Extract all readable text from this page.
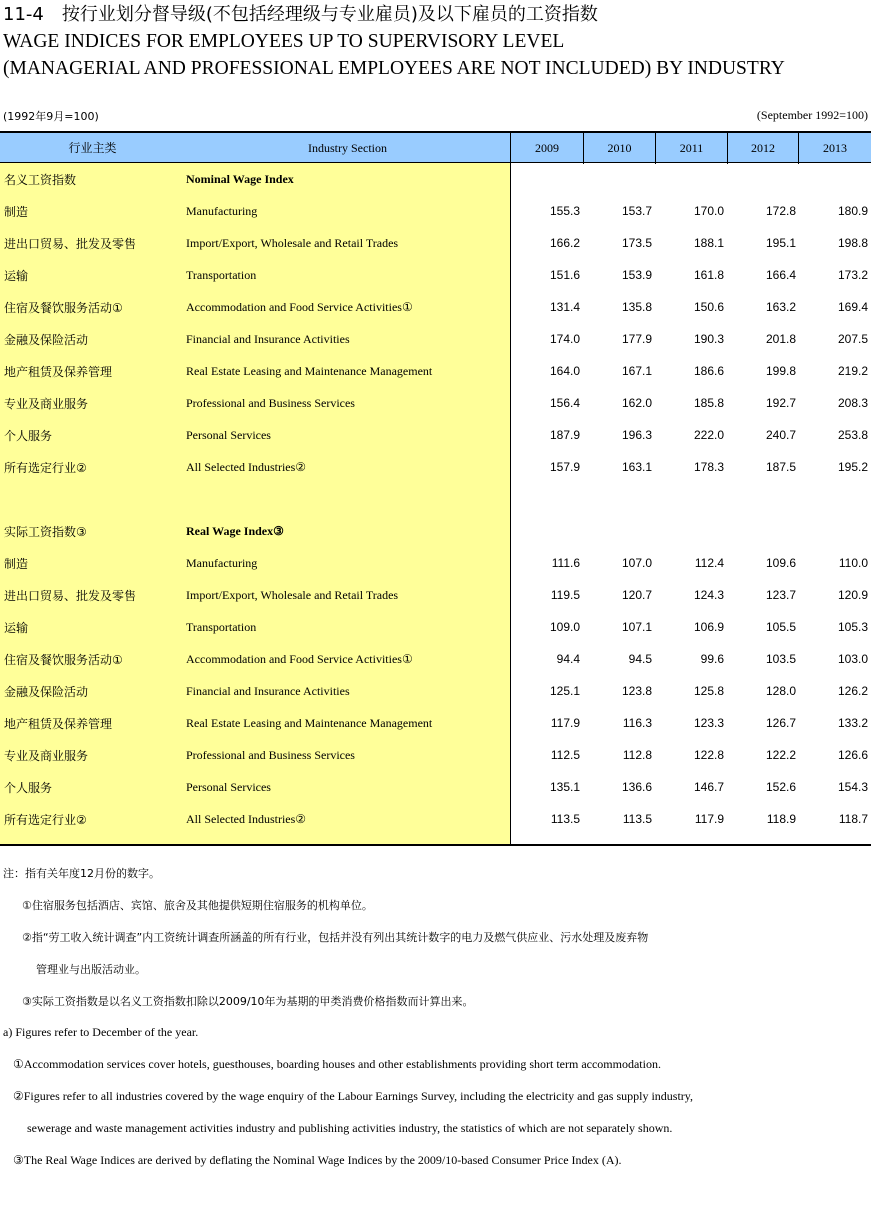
11-4　按行业划分督导级(不包括经理级与专业雇员)及以下雇员的工资指数
WAGE INDICES FOR EMPLOYEES UP TO SUPERVISORY LEVEL
(MANAGERIAL AND PROFESSIONAL EMPLOYEES ARE NOT INCLUDED) BY INDUSTRY
(1992年9月=100)	(September 1992=100)
行业主类	Industry Section	2009	2010	2011	2012	2013
名义工资指数	Nominal Wage Index
制造	Manufacturing	155.3	153.7	170.0	172.8	180.9
进出口贸易、批发及零售	Import/Export, Wholesale and Retail Trades	166.2	173.5	188.1	195.1	198.8
运输	Transportation	151.6	153.9	161.8	166.4	173.2
住宿及餐饮服务活动①	Accommodation and Food Service Activities①	131.4	135.8	150.6	163.2	169.4
金融及保险活动	Financial and Insurance Activities	174.0	177.9	190.3	201.8	207.5
地产租赁及保养管理	Real Estate Leasing and Maintenance Management	164.0	167.1	186.6	199.8	219.2
专业及商业服务	Professional and Business Services	156.4	162.0	185.8	192.7	208.3
个人服务	Personal Services	187.9	196.3	222.0	240.7	253.8
所有选定行业②	All Selected Industries②	157.9	163.1	178.3	187.5	195.2
实际工资指数③	Real Wage Index③
制造	Manufacturing	111.6	107.0	112.4	109.6	110.0
进出口贸易、批发及零售	Import/Export, Wholesale and Retail Trades	119.5	120.7	124.3	123.7	120.9
运输	Transportation	109.0	107.1	106.9	105.5	105.3
住宿及餐饮服务活动①	Accommodation and Food Service Activities①	94.4	94.5	99.6	103.5	103.0
金融及保险活动	Financial and Insurance Activities	125.1	123.8	125.8	128.0	126.2
地产租赁及保养管理	Real Estate Leasing and Maintenance Management	117.9	116.3	123.3	126.7	133.2
专业及商业服务	Professional and Business Services	112.5	112.8	122.8	122.2	126.6
个人服务	Personal Services	135.1	136.6	146.7	152.6	154.3
所有选定行业②	All Selected Industries②	113.5	113.5	117.9	118.9	118.7
注：指有关年度12月份的数字。
①住宿服务包括酒店、宾馆、旅舍及其他提供短期住宿服务的机构单位。
②指“劳工收入统计调查”内工资统计调查所涵盖的所有行业，包括并没有列出其统计数字的电力及燃气供应业、污水处理及废弃物
管理业与出版活动业。
③实际工资指数是以名义工资指数扣除以2009/10年为基期的甲类消费价格指数而计算出来。
a) Figures refer to December of the year.
①Accommodation services cover hotels, guesthouses, boarding houses and other establishments providing short term accommodation.
②Figures refer to all industries covered by the wage enquiry of the Labour Earnings Survey, including the electricity and gas supply industry,
sewerage and waste management activities industry and publishing activities industry, the statistics of which are not separately shown.
③The Real Wage Indices are derived by deflating the Nominal Wage Indices by the 2009/10-based Consumer Price Index (A).
